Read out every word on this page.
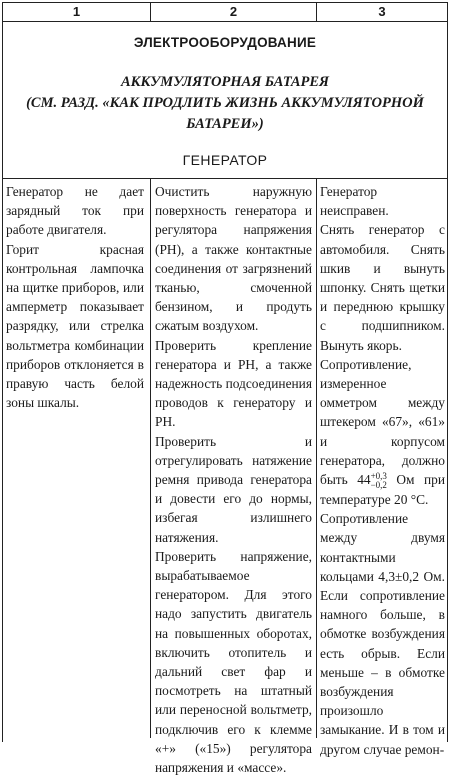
1	2	3
ЭЛЕКТРООБОРУДОВАНИЕ
АККУМУЛЯТОРНАЯ БАТАРЕЯ
(СМ. РАЗД. «КАК ПРОДЛИТЬ ЖИЗНЬ АККУМУЛЯТОРНОЙ
БАТАРЕИ»)
ГЕНЕРАТОР

Генератор не дает зарядный ток при работе двигателя.

Горит красная контрольная лампочка на щитке приборов, или амперметр показывает разрядку, или стрелка вольтметра комбинации приборов отклоняется в правую часть белой зоны шкалы.

Очистить наружную поверхность генератора и регулятора напряжения (РН), а также контактные соединения от загрязнений тканью, смоченной бензином, и продуть сжатым воздухом.

Проверить крепление генератора и РН, а также надежность подсоединения проводов к генератору и РН.

Проверить и отрегулировать натяжение ремня привода генератора и довести его до нормы, избегая излишнего натяжения.

Проверить напряжение, вырабатываемое генератором. Для этого надо запустить двигатель на повышенных оборотах, включить отопитель и дальний свет фар и посмотреть на штатный или переносной вольтметр, подключив его к клемме «+» («15») регулятора напряжения и «массе».

Генератор неисправен.

Снять генератор с автомобиля. Снять шкив и вынуть шпонку. Снять щетки и переднюю крышку с подшипником. Вынуть якорь.

Сопротивление, измеренное омметром между штекером «67», «61» и корпусом генератора, должно быть 44+0,3
−0,2 Ом при температуре 20 °С.

Сопротивление между двумя контактными кольцами 4,3±0,2 Ом. Если сопротивление намного больше, в обмотке возбуждения есть обрыв. Если меньше – в обмотке возбуждения произошло замыкание. И в том и другом случае ремон-
